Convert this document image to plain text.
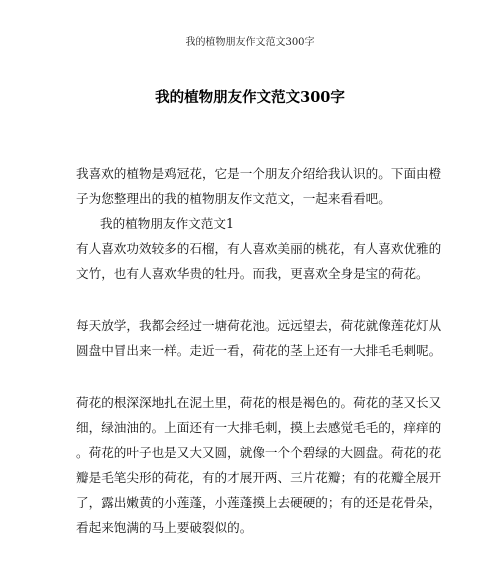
我的植物朋友作文范文300字
我的植物朋友作文范文300字
我喜欢的植物是鸡冠花，它是一个朋友介绍给我认识的。下面由橙
子为您整理出的我的植物朋友作文范文，一起来看看吧。
我的植物朋友作文范文1
有人喜欢功效较多的石榴，有人喜欢美丽的桃花，有人喜欢优雅的
文竹，也有人喜欢华贵的牡丹。而我，更喜欢全身是宝的荷花。
每天放学，我都会经过一塘荷花池。远远望去，荷花就像莲花灯从
圆盘中冒出来一样。走近一看，荷花的茎上还有一大排毛毛刺呢。
荷花的根深深地扎在泥土里，荷花的根是褐色的。荷花的茎又长又
细，绿油油的。上面还有一大排毛刺，摸上去感觉毛毛的，痒痒的
。荷花的叶子也是又大又圆，就像一个个碧绿的大圆盘。荷花的花
瓣是毛笔尖形的荷花，有的才展开两、三片花瓣；有的花瓣全展开
了，露出嫩黄的小莲蓬，小莲蓬摸上去硬硬的；有的还是花骨朵，
看起来饱满的马上要破裂似的。
